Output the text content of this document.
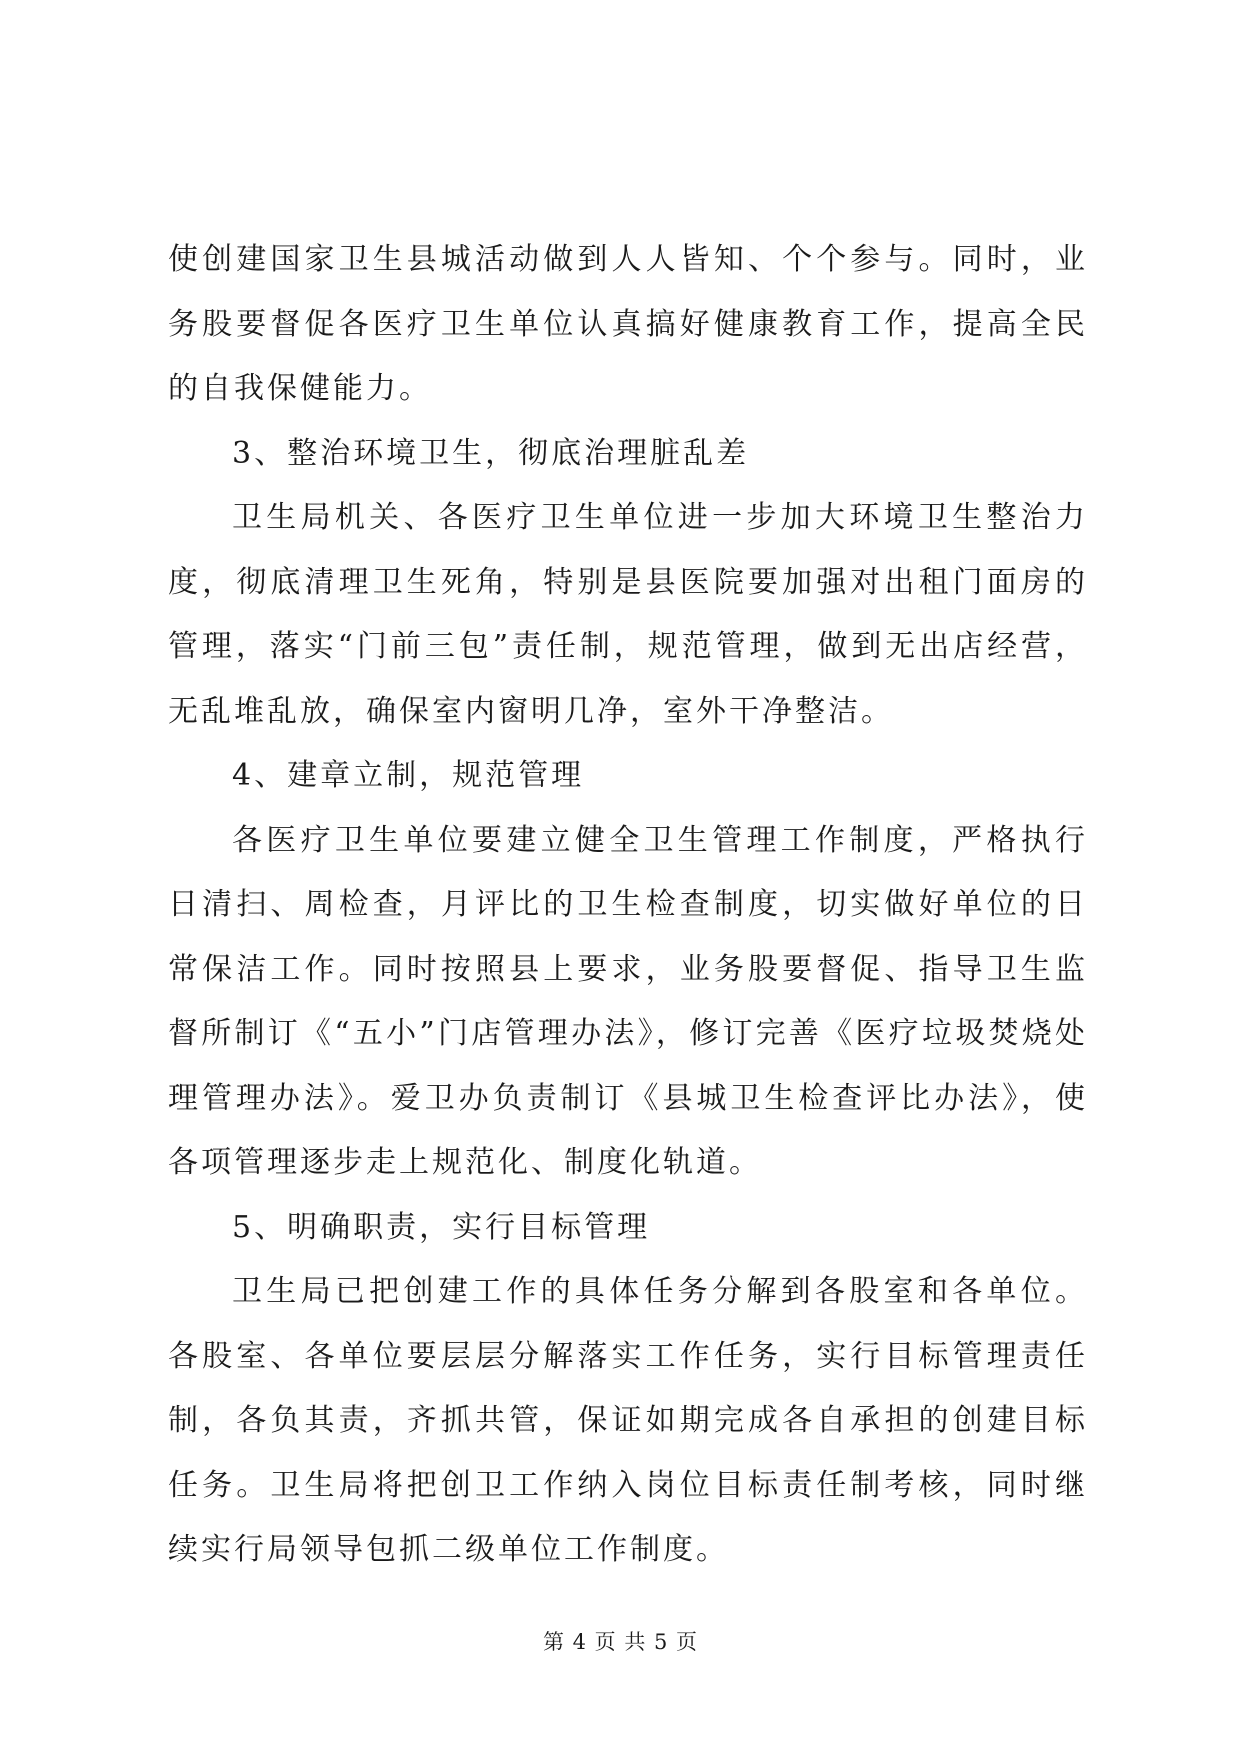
使创建国家卫生县城活动做到人人皆知、个个参与。同时，业务股要督促各医疗卫生单位认真搞好健康教育工作，提高全民的自我保健能力。

3、整治环境卫生，彻底治理脏乱差

卫生局机关、各医疗卫生单位进一步加大环境卫生整治力度，彻底清理卫生死角，特别是县医院要加强对出租门面房的管理，落实“门前三包”责任制，规范管理，做到无出店经营，无乱堆乱放，确保室内窗明几净，室外干净整洁。

4、建章立制，规范管理

各医疗卫生单位要建立健全卫生管理工作制度，严格执行日清扫、周检查，月评比的卫生检查制度，切实做好单位的日常保洁工作。同时按照县上要求，业务股要督促、指导卫生监督所制订《“五小”门店管理办法》，修订完善《医疗垃圾焚烧处理管理办法》。爱卫办负责制订《县城卫生检查评比办法》，使各项管理逐步走上规范化、制度化轨道。

5、明确职责，实行目标管理

卫生局已把创建工作的具体任务分解到各股室和各单位。各股室、各单位要层层分解落实工作任务，实行目标管理责任制，各负其责，齐抓共管，保证如期完成各自承担的创建目标任务。卫生局将把创卫工作纳入岗位目标责任制考核，同时继续实行局领导包抓二级单位工作制度。

第 4 页 共 5 页
